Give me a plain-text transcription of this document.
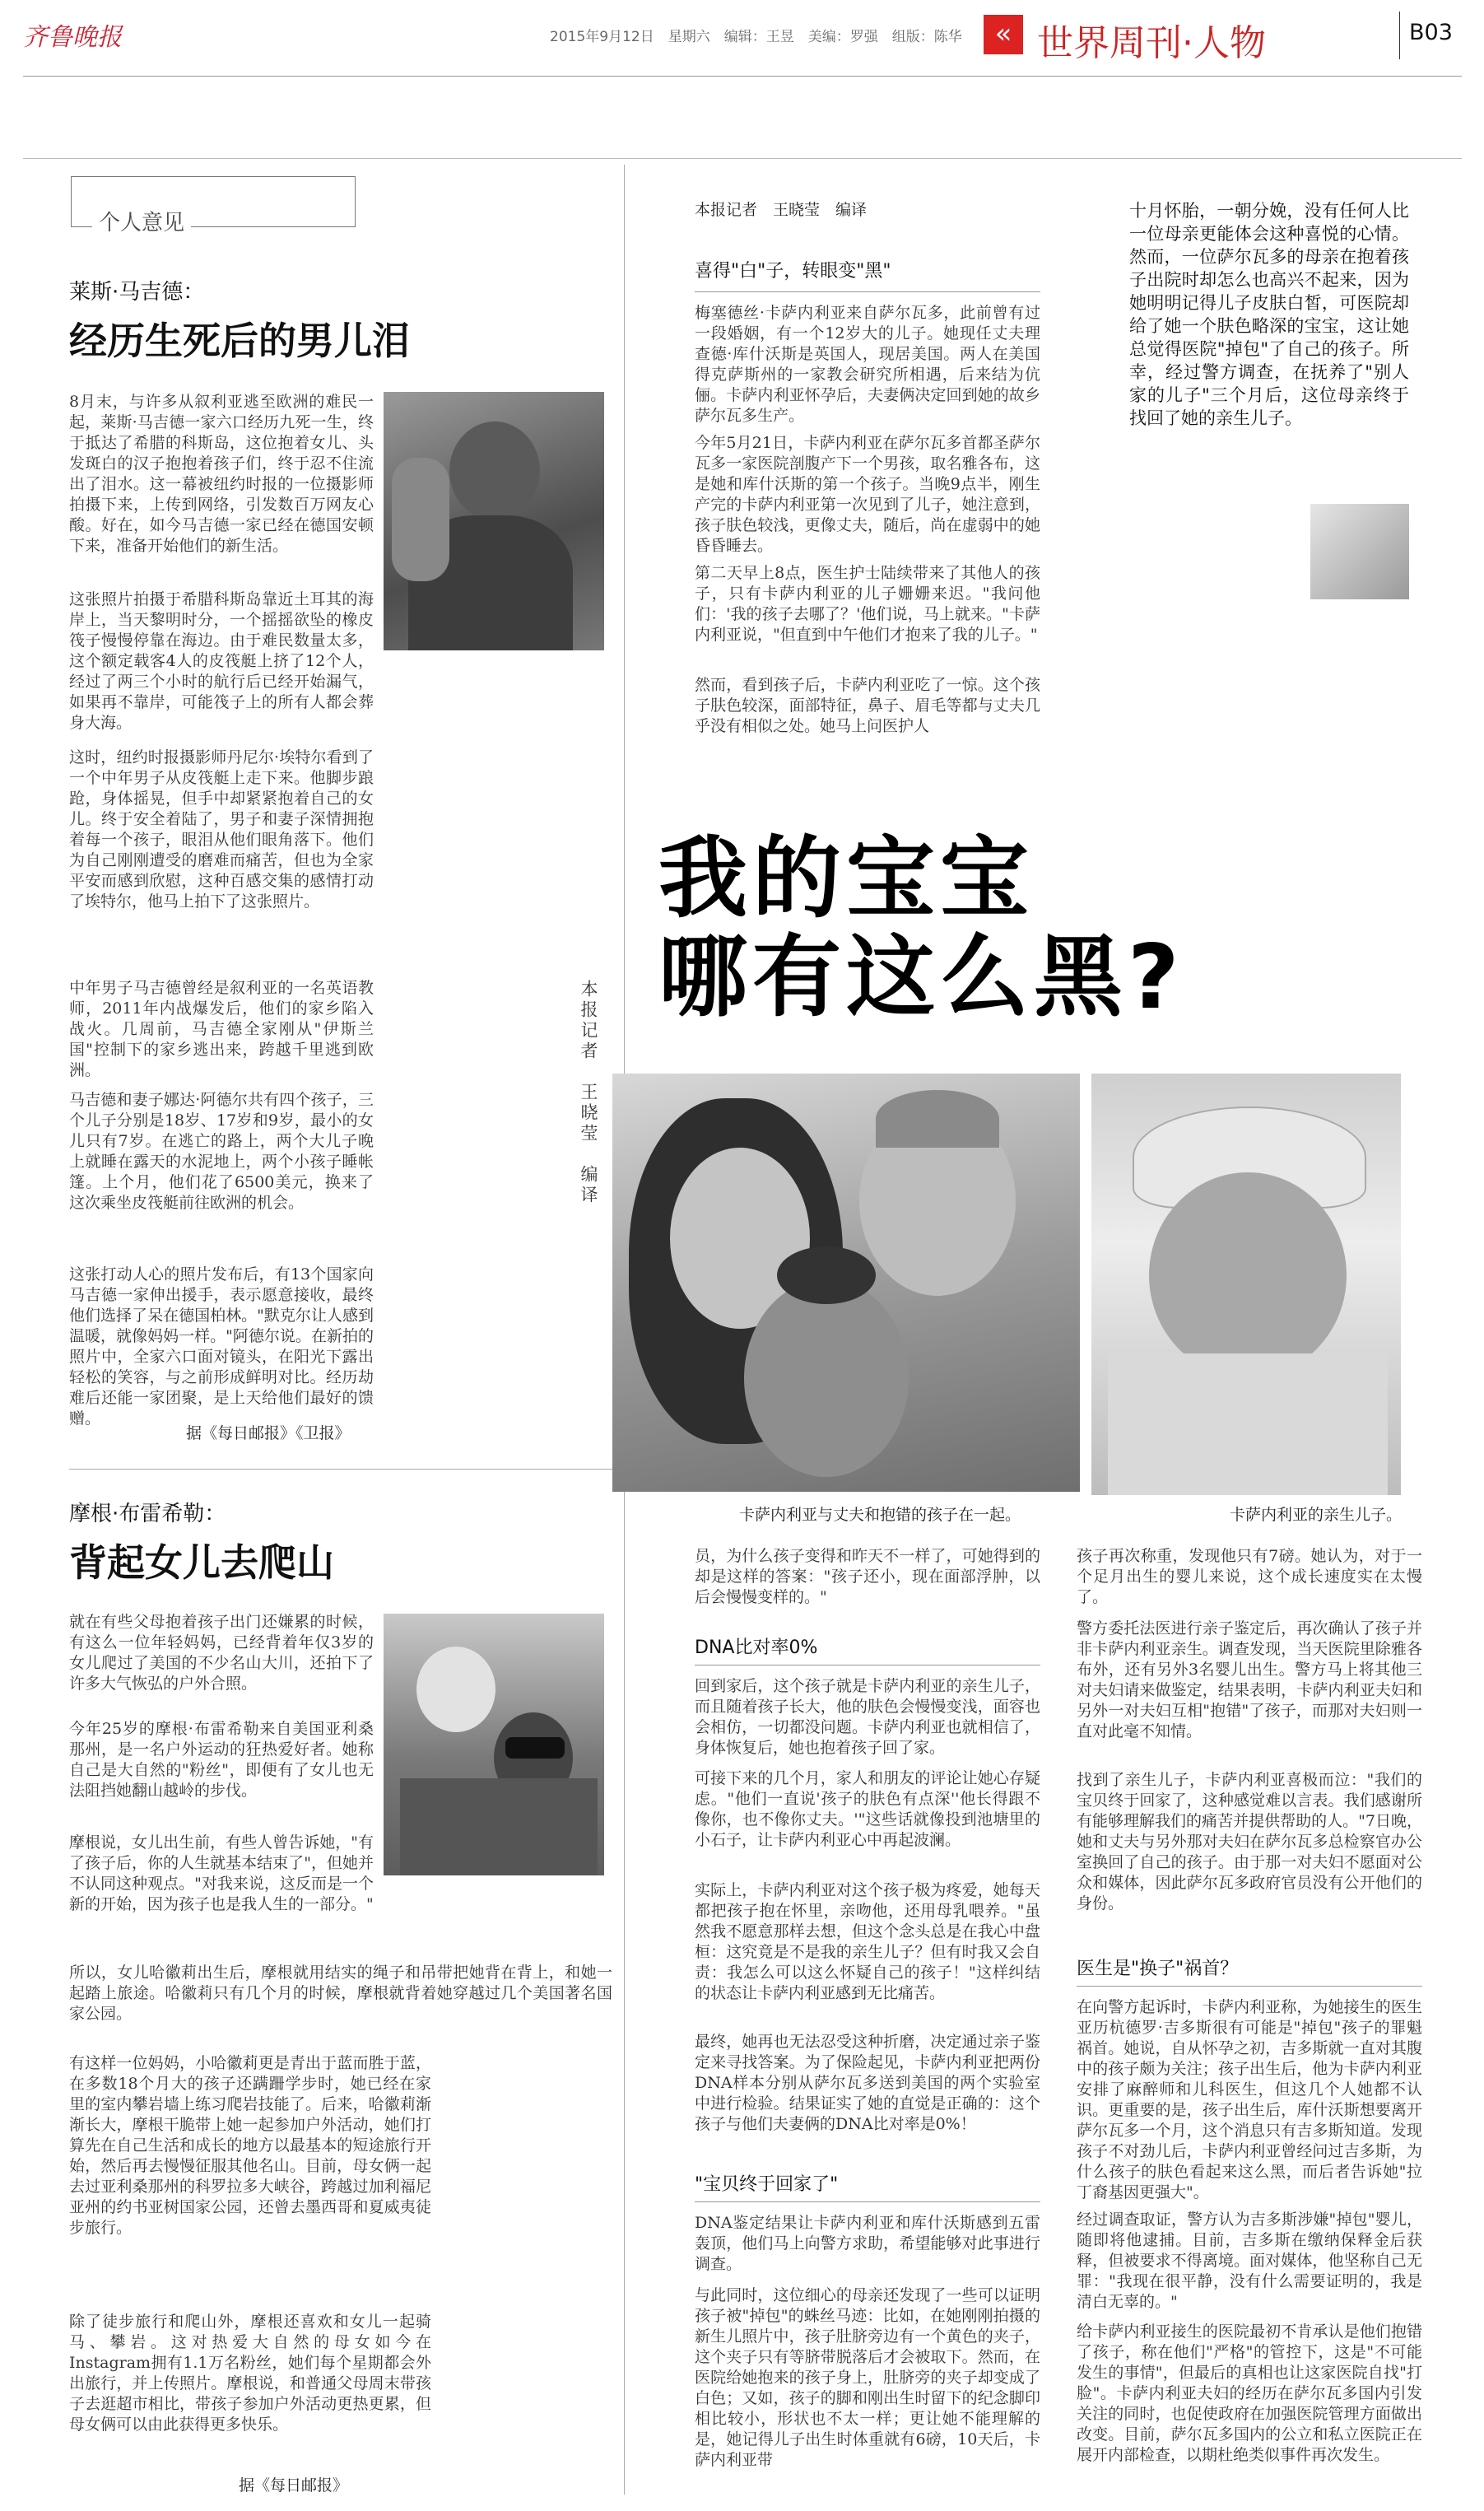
齐鲁晚报	2015年9月12日　星期六　编辑：王昱　美编：罗强　组版：陈华	« 世界周刊·人物	B03
个人意见
莱斯·马吉德：
经历生死后的男儿泪
8月末，与许多从叙利亚逃至欧洲的难民一起，莱斯·马吉德一家六口经历九死一生，终于抵达了希腊的科斯岛，这位抱着女儿、头发斑白的汉子抱抱着孩子们，终于忍不住流出了泪水。这一幕被纽约时报的一位摄影师拍摄下来，上传到网络，引发数百万网友心酸。好在，如今马吉德一家已经在德国安顿下来，准备开始他们的新生活。
这张照片拍摄于希腊科斯岛靠近土耳其的海岸上，当天黎明时分，一个摇摇欲坠的橡皮筏子慢慢停靠在海边。由于难民数量太多，这个额定载客4人的皮筏艇上挤了12个人，经过了两三个小时的航行后已经开始漏气，如果再不靠岸，可能筏子上的所有人都会葬身大海。
这时，纽约时报摄影师丹尼尔·埃特尔看到了一个中年男子从皮筏艇上走下来。他脚步踉跄，身体摇晃，但手中却紧紧抱着自己的女儿。终于安全着陆了，男子和妻子深情拥抱着每一个孩子，眼泪从他们眼角落下。他们为自己刚刚遭受的磨难而痛苦，但也为全家平安而感到欣慰，这种百感交集的感情打动了埃特尔，他马上拍下了这张照片。
中年男子马吉德曾经是叙利亚的一名英语教师，2011年内战爆发后，他们的家乡陷入战火。几周前，马吉德全家刚从"伊斯兰国"控制下的家乡逃出来，跨越千里逃到欧洲。
马吉德和妻子娜达·阿德尔共有四个孩子，三个儿子分别是18岁、17岁和9岁，最小的女儿只有7岁。在逃亡的路上，两个大儿子晚上就睡在露天的水泥地上，两个小孩子睡帐篷。上个月，他们花了6500美元，换来了这次乘坐皮筏艇前往欧洲的机会。
这张打动人心的照片发布后，有13个国家向马吉德一家伸出援手，表示愿意接收，最终他们选择了呆在德国柏林。"默克尔让人感到温暖，就像妈妈一样。"阿德尔说。在新拍的照片中，全家六口面对镜头，在阳光下露出轻松的笑容，与之前形成鲜明对比。经历劫难后还能一家团聚，是上天给他们最好的馈赠。
据《每日邮报》《卫报》
本报记者　王晓莹　编译
摩根·布雷希勒：
背起女儿去爬山
就在有些父母抱着孩子出门还嫌累的时候，有这么一位年轻妈妈，已经背着年仅3岁的女儿爬过了美国的不少名山大川，还拍下了许多大气恢弘的户外合照。
今年25岁的摩根·布雷希勒来自美国亚利桑那州，是一名户外运动的狂热爱好者。她称自己是大自然的"粉丝"，即便有了女儿也无法阻挡她翻山越岭的步伐。
摩根说，女儿出生前，有些人曾告诉她，"有了孩子后，你的人生就基本结束了"，但她并不认同这种观点。"对我来说，这反而是一个新的开始，因为孩子也是我人生的一部分。"
所以，女儿哈徽莉出生后，摩根就用结实的绳子和吊带把她背在背上，和她一起踏上旅途。哈徽莉只有几个月的时候，摩根就背着她穿越过几个美国著名国家公园。
有这样一位妈妈，小哈徽莉更是青出于蓝而胜于蓝，在多数18个月大的孩子还蹒跚学步时，她已经在家里的室内攀岩墙上练习爬岩技能了。后来，哈徽莉渐渐长大，摩根干脆带上她一起参加户外活动，她们打算先在自己生活和成长的地方以最基本的短途旅行开始，然后再去慢慢征服其他名山。目前，母女俩一起去过亚利桑那州的科罗拉多大峡谷，跨越过加利福尼亚州的约书亚树国家公园，还曾去墨西哥和夏威夷徒步旅行。
除了徒步旅行和爬山外，摩根还喜欢和女儿一起骑马、攀岩。这对热爱大自然的母女如今在Instagram拥有1.1万名粉丝，她们每个星期都会外出旅行，并上传照片。摩根说，和普通父母周末带孩子去逛超市相比，带孩子参加户外活动更热更累，但母女俩可以由此获得更多快乐。
据《每日邮报》
本报记者　王晓莹　编译
喜得"白"子，转眼变"黑"
梅塞德丝·卡萨内利亚来自萨尔瓦多，此前曾有过一段婚姻，有一个12岁大的儿子。她现任丈夫理查德·库什沃斯是英国人，现居美国。两人在美国得克萨斯州的一家教会研究所相遇，后来结为伉俪。卡萨内利亚怀孕后，夫妻俩决定回到她的故乡萨尔瓦多生产。
今年5月21日，卡萨内利亚在萨尔瓦多首都圣萨尔瓦多一家医院剖腹产下一个男孩，取名雅各布，这是她和库什沃斯的第一个孩子。当晚9点半，刚生产完的卡萨内利亚第一次见到了儿子，她注意到，孩子肤色较浅，更像丈夫，随后，尚在虚弱中的她昏昏睡去。
第二天早上8点，医生护士陆续带来了其他人的孩子，只有卡萨内利亚的儿子姗姗来迟。"我问他们：'我的孩子去哪了？'他们说，马上就来。"卡萨内利亚说，"但直到中午他们才抱来了我的儿子。"
然而，看到孩子后，卡萨内利亚吃了一惊。这个孩子肤色较深，面部特征，鼻子、眉毛等都与丈夫几乎没有相似之处。她马上问医护人
十月怀胎，一朝分娩，没有任何人比一位母亲更能体会这种喜悦的心情。然而，一位萨尔瓦多的母亲在抱着孩子出院时却怎么也高兴不起来，因为她明明记得儿子皮肤白皙，可医院却给了她一个肤色略深的宝宝，这让她总觉得医院"掉包"了自己的孩子。所幸，经过警方调查，在抚养了"别人家的儿子"三个月后，这位母亲终于找回了她的亲生儿子。
我的宝宝
哪有这么黑?
卡萨内利亚与丈夫和抱错的孩子在一起。	卡萨内利亚的亲生儿子。
员，为什么孩子变得和昨天不一样了，可她得到的却是这样的答案："孩子还小，现在面部浮肿，以后会慢慢变样的。"
DNA比对率0%
回到家后，这个孩子就是卡萨内利亚的亲生儿子，而且随着孩子长大，他的肤色会慢慢变浅，面容也会相仿，一切都没问题。卡萨内利亚也就相信了，身体恢复后，她也抱着孩子回了家。
可接下来的几个月，家人和朋友的评论让她心存疑虑。"他们一直说'孩子的肤色有点深''他长得跟不像你，也不像你丈夫。'"这些话就像投到池塘里的小石子，让卡萨内利亚心中再起波澜。
实际上，卡萨内利亚对这个孩子极为疼爱，她每天都把孩子抱在怀里，亲吻他，还用母乳喂养。"虽然我不愿意那样去想，但这个念头总是在我心中盘桓：这究竟是不是我的亲生儿子？但有时我又会自责：我怎么可以这么怀疑自己的孩子！"这样纠结的状态让卡萨内利亚感到无比痛苦。
最终，她再也无法忍受这种折磨，决定通过亲子鉴定来寻找答案。为了保险起见，卡萨内利亚把两份DNA样本分别从萨尔瓦多送到美国的两个实验室中进行检验。结果证实了她的直觉是正确的：这个孩子与他们夫妻俩的DNA比对率是0%！
"宝贝终于回家了"
DNA鉴定结果让卡萨内利亚和库什沃斯感到五雷轰顶，他们马上向警方求助，希望能够对此事进行调查。
与此同时，这位细心的母亲还发现了一些可以证明孩子被"掉包"的蛛丝马迹：比如，在她刚刚拍摄的新生儿照片中，孩子肚脐旁边有一个黄色的夹子，这个夹子只有等脐带脱落后才会被取下。然而，在医院给她抱来的孩子身上，肚脐旁的夹子却变成了白色；又如，孩子的脚和刚出生时留下的纪念脚印相比较小，形状也不太一样；更让她不能理解的是，她记得儿子出生时体重就有6磅，10天后，卡萨内利亚带
孩子再次称重，发现他只有7磅。她认为，对于一个足月出生的婴儿来说，这个成长速度实在太慢了。
警方委托法医进行亲子鉴定后，再次确认了孩子并非卡萨内利亚亲生。调查发现，当天医院里除雅各布外，还有另外3名婴儿出生。警方马上将其他三对夫妇请来做鉴定，结果表明，卡萨内利亚夫妇和另外一对夫妇互相"抱错"了孩子，而那对夫妇则一直对此毫不知情。
找到了亲生儿子，卡萨内利亚喜极而泣："我们的宝贝终于回家了，这种感觉难以言表。我们感谢所有能够理解我们的痛苦并提供帮助的人。"7日晚，她和丈夫与另外那对夫妇在萨尔瓦多总检察官办公室换回了自己的孩子。由于那一对夫妇不愿面对公众和媒体，因此萨尔瓦多政府官员没有公开他们的身份。
医生是"换子"祸首？
在向警方起诉时，卡萨内利亚称，为她接生的医生亚历杭德罗·吉多斯很有可能是"掉包"孩子的罪魁祸首。她说，自从怀孕之初，吉多斯就一直对其腹中的孩子颇为关注；孩子出生后，他为卡萨内利亚安排了麻醉师和儿科医生，但这几个人她都不认识。更重要的是，孩子出生后，库什沃斯想要离开萨尔瓦多一个月，这个消息只有吉多斯知道。发现孩子不对劲儿后，卡萨内利亚曾经问过吉多斯，为什么孩子的肤色看起来这么黑，而后者告诉她"拉丁裔基因更强大"。
经过调查取证，警方认为吉多斯涉嫌"掉包"婴儿，随即将他逮捕。目前，吉多斯在缴纳保释金后获释，但被要求不得离境。面对媒体，他坚称自己无罪："我现在很平静，没有什么需要证明的，我是清白无辜的。"
给卡萨内利亚接生的医院最初不肯承认是他们抱错了孩子，称在他们"严格"的管控下，这是"不可能发生的事情"，但最后的真相也让这家医院自找"打脸"。卡萨内利亚夫妇的经历在萨尔瓦多国内引发关注的同时，也促使政府在加强医院管理方面做出改变。目前，萨尔瓦多国内的公立和私立医院正在展开内部检查，以期杜绝类似事件再次发生。
